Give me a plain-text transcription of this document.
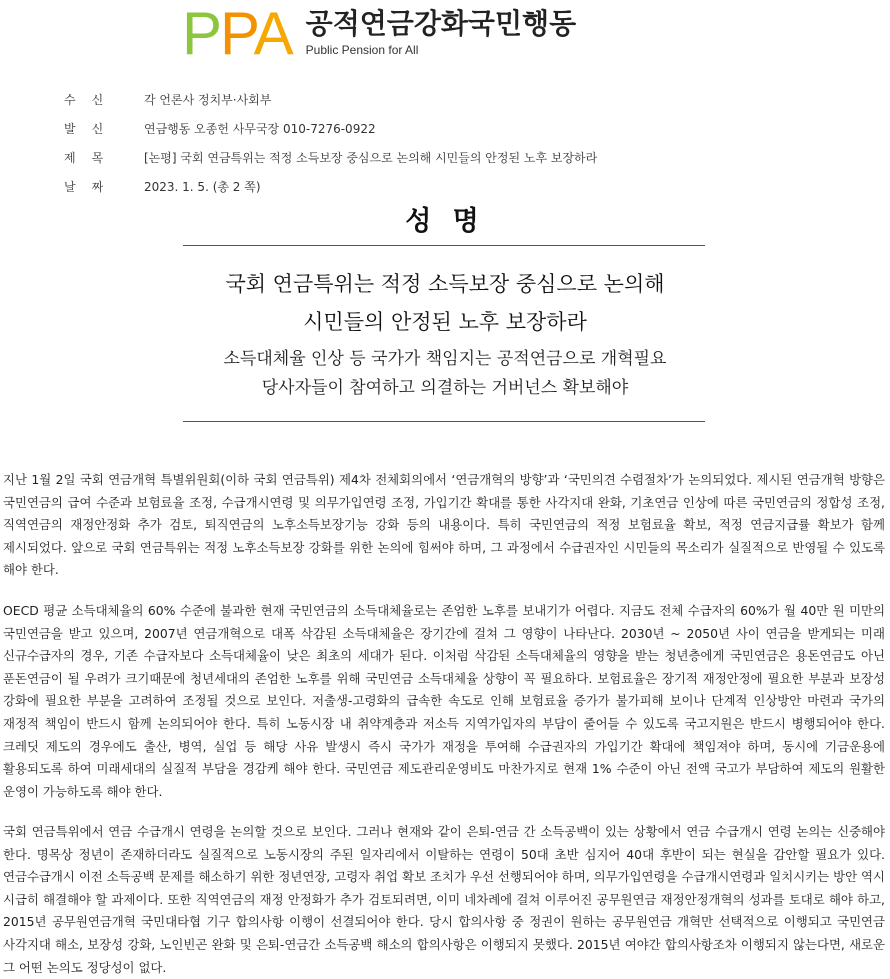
PPA 공적연금강화국민행동
Public Pension for All
수신	각 언론사 정치부·사회부
발신	연금행동 오종헌 사무국장 010-7276-0922
제목	[논평] 국회 연금특위는 적정 소득보장 중심으로 논의해 시민들의 안정된 노후 보장하라
날짜	2023. 1. 5. (총 2 쪽)
성 명
국회 연금특위는 적정 소득보장 중심으로 논의해
시민들의 안정된 노후 보장하라
소득대체율 인상 등 국가가 책임지는 공적연금으로 개혁필요
당사자들이 참여하고 의결하는 거버넌스 확보해야
지난 1월 2일 국회 연금개혁 특별위원회(이하 국회 연금특위) 제4차 전체회의에서 ‘연금개혁의 방향’과 ‘국민의견 수렴절차’가 논의되었다. 제시된 연금개혁 방향은 국민연금의 급여 수준과 보험료율 조정, 수급개시연령 및 의무가입연령 조정, 가입기간 확대를 통한 사각지대 완화, 기초연금 인상에 따른 국민연금의 정합성 조정, 직역연금의 재정안정화 추가 검토, 퇴직연금의 노후소득보장기능 강화 등의 내용이다. 특히 국민연금의 적정 보험료율 확보, 적정 연금지급률 확보가 함께 제시되었다. 앞으로 국회 연금특위는 적정 노후소득보장 강화를 위한 논의에 힘써야 하며, 그 과정에서 수급권자인 시민들의 목소리가 실질적으로 반영될 수 있도록 해야 한다.
OECD 평균 소득대체율의 60% 수준에 불과한 현재 국민연금의 소득대체율로는 존엄한 노후를 보내기가 어렵다. 지금도 전체 수급자의 60%가 월 40만 원 미만의 국민연금을 받고 있으며, 2007년 연금개혁으로 대폭 삭감된 소득대체율은 장기간에 걸쳐 그 영향이 나타난다. 2030년 ~ 2050년 사이 연금을 받게되는 미래 신규수급자의 경우, 기존 수급자보다 소득대체율이 낮은 최초의 세대가 된다. 이처럼 삭감된 소득대체율의 영향을 받는 청년층에게 국민연금은 용돈연금도 아닌 푼돈연금이 될 우려가 크기때문에 청년세대의 존엄한 노후를 위해 국민연금 소득대체율 상향이 꼭 필요하다. 보험료율은 장기적 재정안정에 필요한 부분과 보장성 강화에 필요한 부분을 고려하여 조정될 것으로 보인다. 저출생-고령화의 급속한 속도로 인해 보험료율 증가가 불가피해 보이나 단계적 인상방안 마련과 국가의 재정적 책임이 반드시 함께 논의되어야 한다. 특히 노동시장 내 취약계층과 저소득 지역가입자의 부담이 줄어들 수 있도록 국고지원은 반드시 병행되어야 한다. 크레딧 제도의 경우에도 출산, 병역, 실업 등 해당 사유 발생시 즉시 국가가 재정을 투여해 수급권자의 가입기간 확대에 책임져야 하며, 동시에 기금운용에 활용되도록 하여 미래세대의 실질적 부담을 경감케 해야 한다. 국민연금 제도관리운영비도 마찬가지로 현재 1% 수준이 아닌 전액 국고가 부담하여 제도의 원활한 운영이 가능하도록 해야 한다.
국회 연금특위에서 연금 수급개시 연령을 논의할 것으로 보인다. 그러나 현재와 같이 은퇴-연금 간 소득공백이 있는 상황에서 연금 수급개시 연령 논의는 신중해야 한다. 명목상 정년이 존재하더라도 실질적으로 노동시장의 주된 일자리에서 이탈하는 연령이 50대 초반 심지어 40대 후반이 되는 현실을 감안할 필요가 있다. 연금수급개시 이전 소득공백 문제를 해소하기 위한 정년연장, 고령자 취업 확보 조치가 우선 선행되어야 하며, 의무가입연령을 수급개시연령과 일치시키는 방안 역시 시급히 해결해야 할 과제이다. 또한 직역연금의 재정 안정화가 추가 검토되려면, 이미 네차례에 걸쳐 이루어진 공무원연금 재정안정개혁의 성과를 토대로 해야 하고, 2015년 공무원연금개혁 국민대타협 기구 합의사항 이행이 선결되어야 한다. 당시 합의사항 중 정권이 원하는 공무원연금 개혁만 선택적으로 이행되고 국민연금 사각지대 해소, 보장성 강화, 노인빈곤 완화 및 은퇴-연금간 소득공백 해소의 합의사항은 이행되지 못했다. 2015년 여야간 합의사항조차 이행되지 않는다면, 새로운 그 어떤 논의도 정당성이 없다.
